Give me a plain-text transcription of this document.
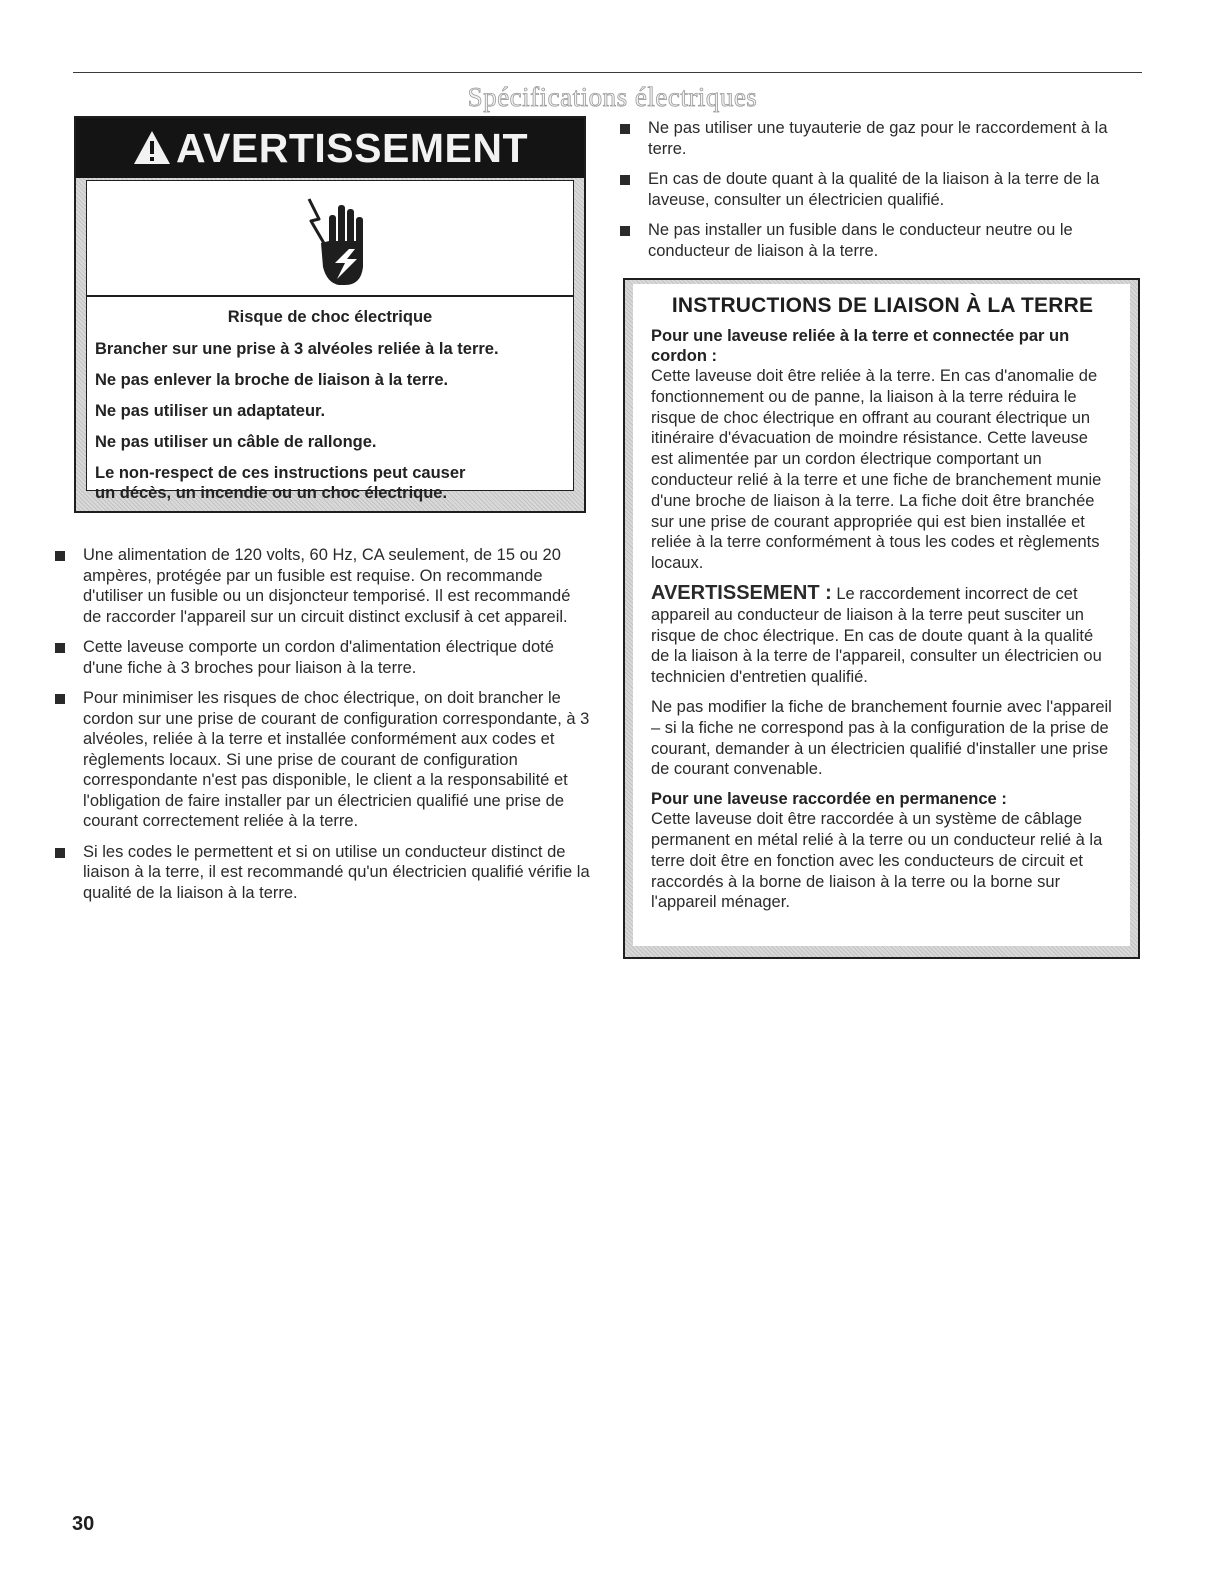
Spécifications électriques
AVERTISSEMENT
Risque de choc électrique
Brancher sur une prise à 3 alvéoles reliée à la terre.
Ne pas enlever la broche de liaison à la terre.
Ne pas utiliser un adaptateur.
Ne pas utiliser un câble de rallonge.
Le non-respect de ces instructions peut causer
un décès, un incendie ou un choc électrique.
Une alimentation de 120 volts, 60 Hz, CA seulement, de 15 ou 20 ampères, protégée par un fusible est requise. On recommande d'utiliser un fusible ou un disjoncteur temporisé. Il est recommandé de raccorder l'appareil sur un circuit distinct exclusif à cet appareil.
Cette laveuse comporte un cordon d'alimentation électrique doté d'une fiche à 3 broches pour liaison à la terre.
Pour minimiser les risques de choc électrique, on doit brancher le cordon sur une prise de courant de configuration correspondante, à 3 alvéoles, reliée à la terre et installée conformément aux codes et règlements locaux. Si une prise de courant de configuration correspondante n'est pas disponible, le client a la responsabilité et l'obligation de faire installer par un électricien qualifié une prise de courant correctement reliée à la terre.
Si les codes le permettent et si on utilise un conducteur distinct de liaison à la terre, il est recommandé qu'un électricien qualifié vérifie la qualité de la liaison à la terre.
Ne pas utiliser une tuyauterie de gaz pour le raccordement à la terre.
En cas de doute quant à la qualité de la liaison à la terre de la laveuse, consulter un électricien qualifié.
Ne pas installer un fusible dans le conducteur neutre ou le conducteur de liaison à la terre.
INSTRUCTIONS DE LIAISON À LA TERRE

Pour une laveuse reliée à la terre et connectée par un cordon :

Cette laveuse doit être reliée à la terre. En cas d'anomalie de fonctionnement ou de panne, la liaison à la terre réduira le risque de choc électrique en offrant au courant électrique un itinéraire d'évacuation de moindre résistance. Cette laveuse est alimentée par un cordon électrique comportant un conducteur relié à la terre et une fiche de branchement munie d'une broche de liaison à la terre. La fiche doit être branchée sur une prise de courant appropriée qui est bien installée et reliée à la terre conformément à tous les codes et règlements locaux.

AVERTISSEMENT : Le raccordement incorrect de cet appareil au conducteur de liaison à la terre peut susciter un risque de choc électrique. En cas de doute quant à la qualité de la liaison à la terre de l'appareil, consulter un électricien ou technicien d'entretien qualifié.

Ne pas modifier la fiche de branchement fournie avec l'appareil – si la fiche ne correspond pas à la configuration de la prise de courant, demander à un électricien qualifié d'installer une prise de courant convenable.

Pour une laveuse raccordée en permanence :

Cette laveuse doit être raccordée à un système de câblage permanent en métal relié à la terre ou un conducteur relié à la terre doit être en fonction avec les conducteurs de circuit et raccordés à la borne de liaison à la terre ou la borne sur l'appareil ménager.

30
